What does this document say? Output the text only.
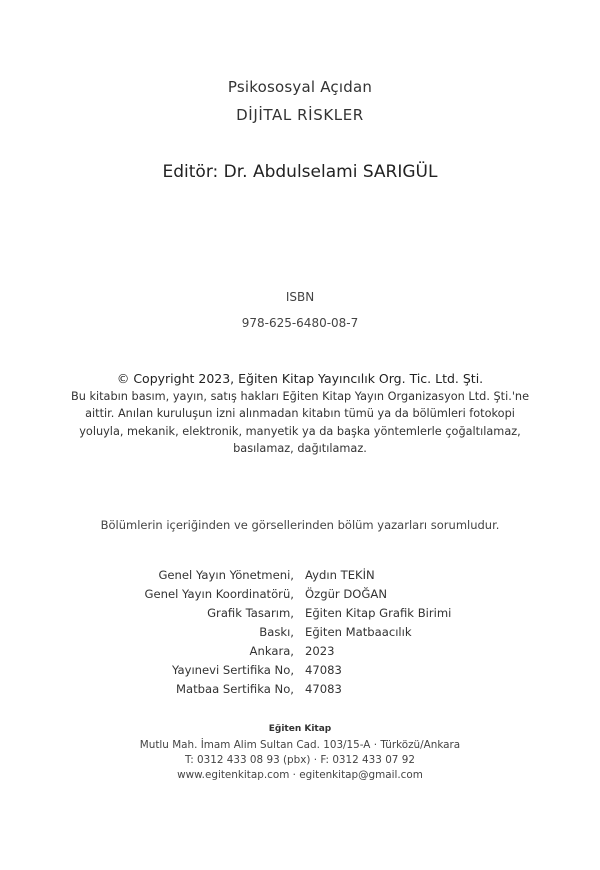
Psikososyal Açıdan
DİJİTAL RİSKLER
Editör: Dr. Abdulselami SARIGÜL
ISBN
978-625-6480-08-7
© Copyright 2023, Eğiten Kitap Yayıncılık Org. Tic. Ltd. Şti.
Bu kitabın basım, yayın, satış hakları Eğiten Kitap Yayın Organizasyon Ltd. Şti.'ne
aittir. Anılan kuruluşun izni alınmadan kitabın tümü ya da bölümleri fotokopi
yoluyla, mekanik, elektronik, manyetik ya da başka yöntemlerle çoğaltılamaz,
basılamaz, dağıtılamaz.
Bölümlerin içeriğinden ve görsellerinden bölüm yazarları sorumludur.
Genel Yayın Yönetmeni, Aydın TEKİN
Genel Yayın Koordinatörü, Özgür DOĞAN
Grafik Tasarım, Eğiten Kitap Grafik Birimi
Baskı, Eğiten Matbaacılık
Ankara, 2023
Yayınevi Sertifika No, 47083
Matbaa Sertifika No, 47083
Eğiten Kitap
Mutlu Mah. İmam Alim Sultan Cad. 103/15-A · Türközü/Ankara
T: 0312 433 08 93 (pbx) · F: 0312 433 07 92
www.egitenkitap.com · egitenkitap@gmail.com
